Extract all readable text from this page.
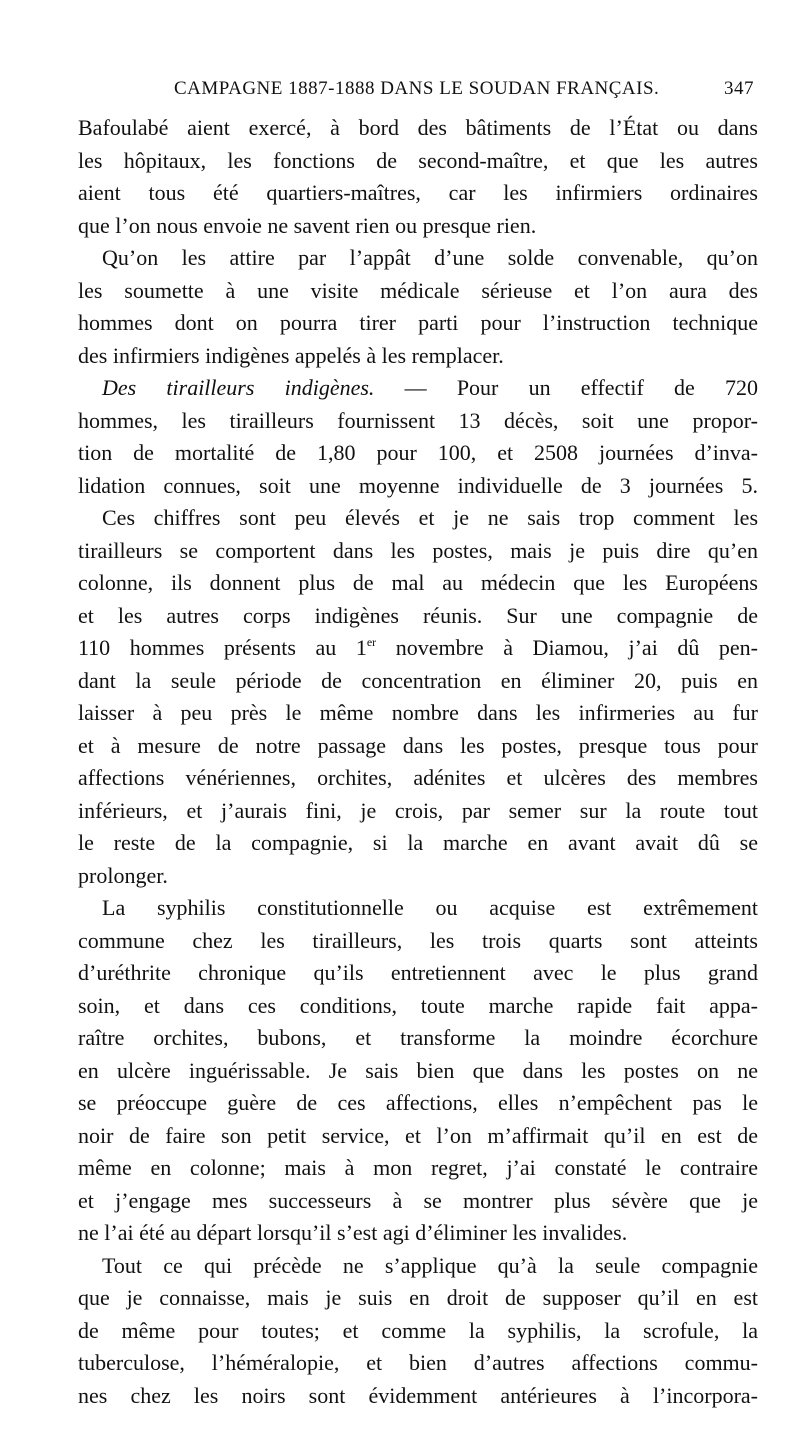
CAMPAGNE 1887-1888 DANS LE SOUDAN FRANÇAIS.	347
Bafoulabé aient exercé, à bord des bâtiments de l’État ou dans
les hôpitaux, les fonctions de second-maître, et que les autres
aient tous été quartiers-maîtres, car les infirmiers ordinaires
que l’on nous envoie ne savent rien ou presque rien.
Qu’on les attire par l’appât d’une solde convenable, qu’on
les soumette à une visite médicale sérieuse et l’on aura des
hommes dont on pourra tirer parti pour l’instruction technique
des infirmiers indigènes appelés à les remplacer.
Des tirailleurs indigènes. — Pour un effectif de 720
hommes, les tirailleurs fournissent 13 décès, soit une propor-
tion de mortalité de 1,80 pour 100, et 2508 journées d’inva-
lidation connues, soit une moyenne individuelle de 3 journées 5.
Ces chiffres sont peu élevés et je ne sais trop comment les
tirailleurs se comportent dans les postes, mais je puis dire qu’en
colonne, ils donnent plus de mal au médecin que les Européens
et les autres corps indigènes réunis. Sur une compagnie de
110 hommes présents au 1er novembre à Diamou, j’ai dû pen-
dant la seule période de concentration en éliminer 20, puis en
laisser à peu près le même nombre dans les infirmeries au fur
et à mesure de notre passage dans les postes, presque tous pour
affections vénériennes, orchites, adénites et ulcères des membres
inférieurs, et j’aurais fini, je crois, par semer sur la route tout
le reste de la compagnie, si la marche en avant avait dû se
prolonger.
La syphilis constitutionnelle ou acquise est extrêmement
commune chez les tirailleurs, les trois quarts sont atteints
d’uréthrite chronique qu’ils entretiennent avec le plus grand
soin, et dans ces conditions, toute marche rapide fait appa-
raître orchites, bubons, et transforme la moindre écorchure
en ulcère inguérissable. Je sais bien que dans les postes on ne
se préoccupe guère de ces affections, elles n’empêchent pas le
noir de faire son petit service, et l’on m’affirmait qu’il en est de
même en colonne; mais à mon regret, j’ai constaté le contraire
et j’engage mes successeurs à se montrer plus sévère que je
ne l’ai été au départ lorsqu’il s’est agi d’éliminer les invalides.
Tout ce qui précède ne s’applique qu’à la seule compagnie
que je connaisse, mais je suis en droit de supposer qu’il en est
de même pour toutes; et comme la syphilis, la scrofule, la
tuberculose, l’héméralopie, et bien d’autres affections commu-
nes chez les noirs sont évidemment antérieures à l’incorpora-
